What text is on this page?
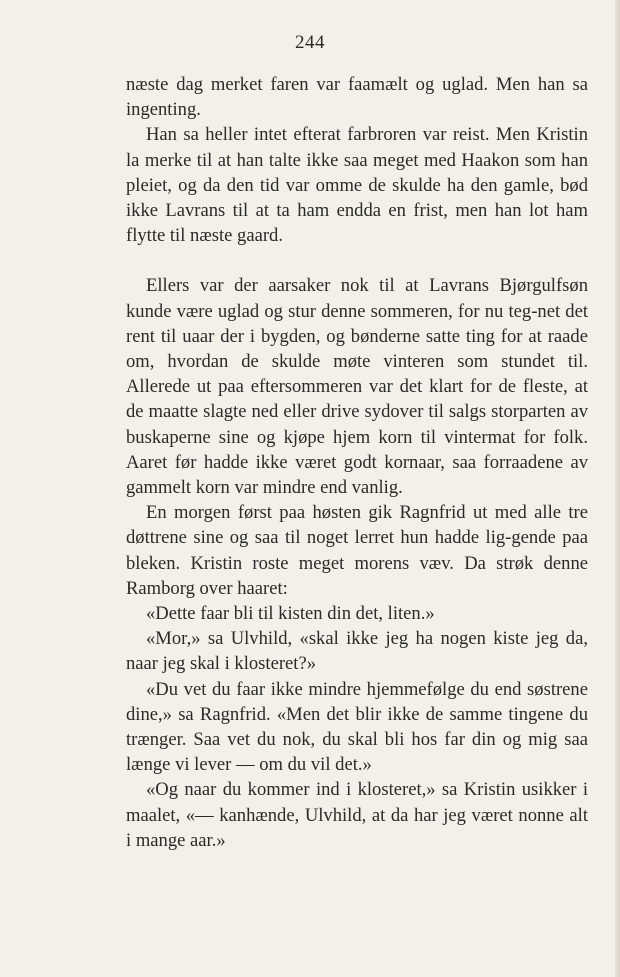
244

næste dag merket faren var faamælt og uglad. Men han sa ingenting.

Han sa heller intet efterat farbroren var reist. Men Kristin la merke til at han talte ikke saa meget med Haakon som han pleiet, og da den tid var omme de skulde ha den gamle, bød ikke Lavrans til at ta ham endda en frist, men han lot ham flytte til næste gaard.

Ellers var der aarsaker nok til at Lavrans Bjørgulfsøn kunde være uglad og stur denne sommeren, for nu teg-net det rent til uaar der i bygden, og bønderne satte ting for at raade om, hvordan de skulde møte vinteren som stundet til. Allerede ut paa eftersommeren var det klart for de fleste, at de maatte slagte ned eller drive sydover til salgs storparten av buskaperne sine og kjøpe hjem korn til vintermat for folk. Aaret før hadde ikke været godt kornaar, saa forraadene av gammelt korn var mindre end vanlig.

En morgen først paa høsten gik Ragnfrid ut med alle tre døttrene sine og saa til noget lerret hun hadde lig-gende paa bleken. Kristin roste meget morens væv. Da strøk denne Ramborg over haaret:

«Dette faar bli til kisten din det, liten.»

«Mor,» sa Ulvhild, «skal ikke jeg ha nogen kiste jeg da, naar jeg skal i klosteret?»

«Du vet du faar ikke mindre hjemmefølge du end søstrene dine,» sa Ragnfrid. «Men det blir ikke de samme tingene du trænger. Saa vet du nok, du skal bli hos far din og mig saa længe vi lever — om du vil det.»

«Og naar du kommer ind i klosteret,» sa Kristin usikker i maalet, «— kanhænde, Ulvhild, at da har jeg været nonne alt i mange aar.»
